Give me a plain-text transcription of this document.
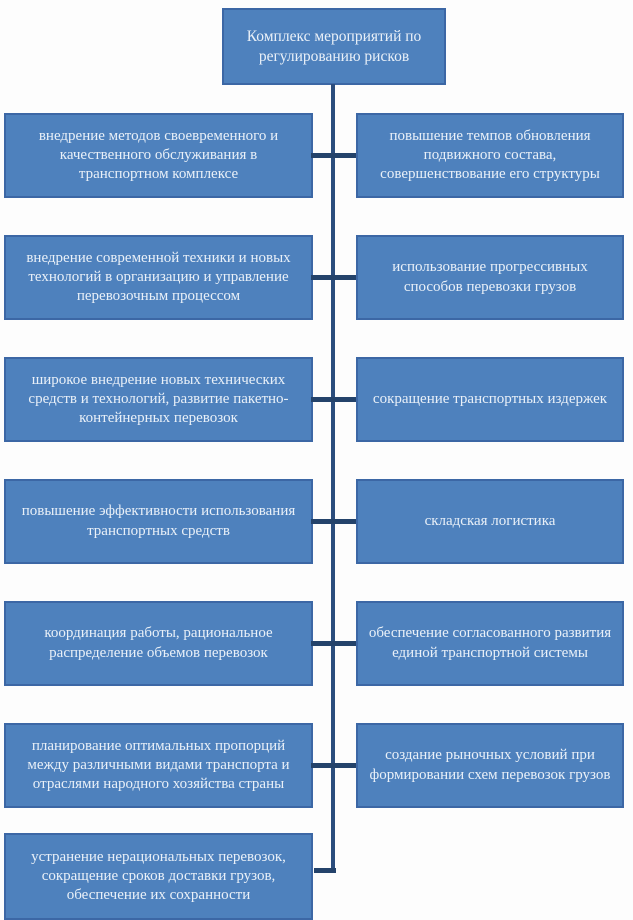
Комплекс мероприятий по регулированию рисков
внедрение методов своевременного и качественного обслуживания в транспортном комплексе
повышение темпов обновления подвижного состава, совершенствование его структуры
внедрение современной техники и новых технологий в организацию и управление перевозочным процессом
использование прогрессивных способов перевозки грузов
широкое внедрение новых технических средств и технологий, развитие пакетно-контейнерных перевозок
сокращение транспортных издержек
повышение эффективности использования транспортных средств
складская логистика
координация работы, рациональное распределение объемов перевозок
обеспечение согласованного развития единой транспортной системы
планирование оптимальных пропорций между различными видами транспорта и отраслями народного хозяйства страны
создание рыночных условий при формировании схем перевозок грузов
устранение нерациональных перевозок, сокращение сроков доставки грузов, обеспечение их сохранности
